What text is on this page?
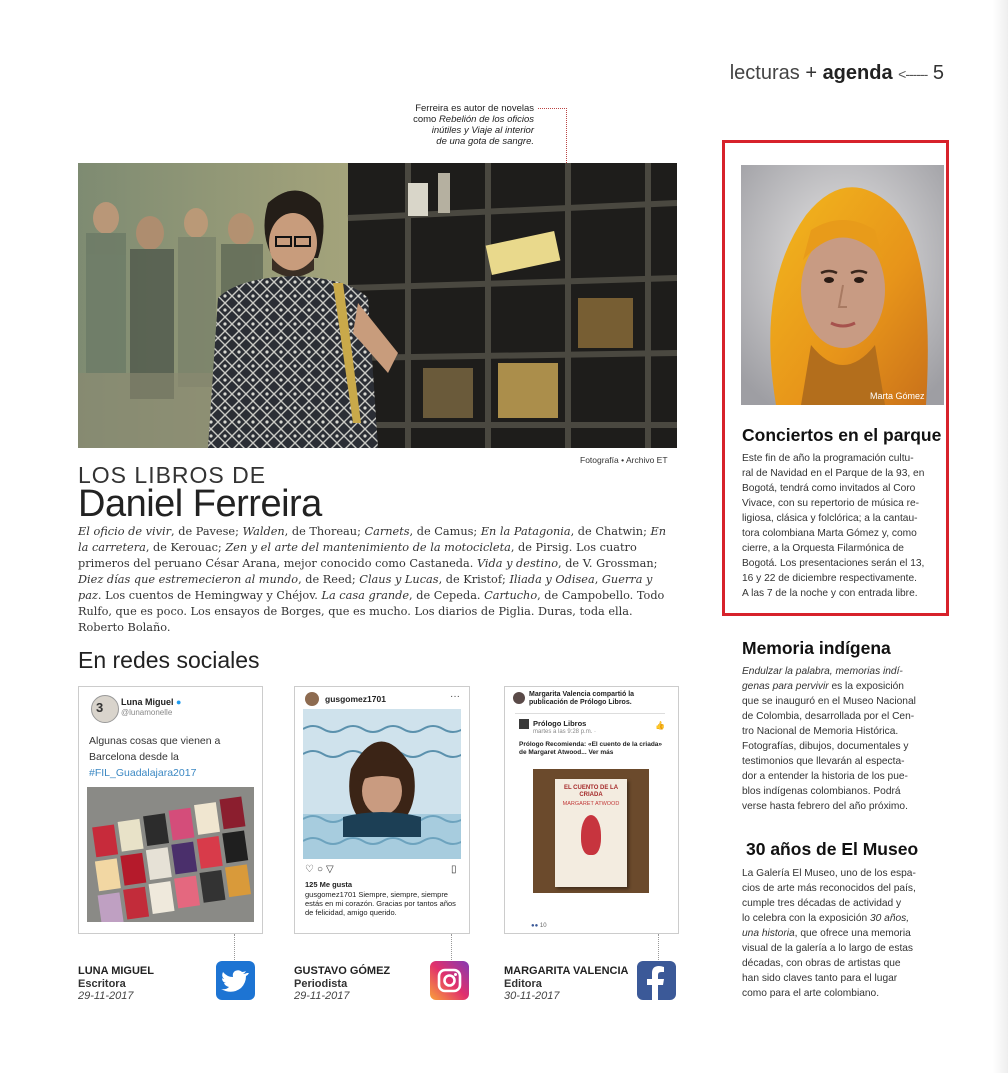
lecturas + agenda <------ 5
Ferreira es autor de novelas
como Rebelión de los oficios
inútiles y Viaje al interior
de una gota de sangre.
Fotografía • Archivo ET
LOS LIBROS DE
Daniel Ferreira
El oficio de vivir, de Pavese; Walden, de Thoreau; Carnets, de Camus; En la Patagonia, de Chatwin; En la carretera, de Kerouac; Zen y el arte del mantenimiento de la motocicleta, de Pirsig. Los cuatro primeros del peruano César Arana, mejor conocido como Castaneda. Vida y destino, de V. Grossman; Diez días que estremecieron al mundo, de Reed; Claus y Lucas, de Kristof; Iliada y Odisea, Guerra y paz. Los cuentos de Hemingway y Chéjov. La casa grande, de Cepeda. Cartucho, de Campobello. Todo Rulfo, que es poco. Los ensayos de Borges, que es mucho. Los diarios de Piglia. Duras, toda ella. Roberto Bolaño.
En redes sociales
3 Luna Miguel ●
@lunamonelle
Algunas cosas que vienen a
Barcelona desde la
#FIL_Guadalajara2017
gusgomez1701	···
♡○▽	▯
125 Me gusta
gusgomez1701 Siempre, siempre, siempre estás en mi corazón. Gracias por tantos años de felicidad, amigo querido.
Margarita Valencia compartió la publicación de Prólogo Libros.
Prólogo Libros
martes a las 9:28 p.m. ·
👍
Prólogo Recomienda: «El cuento de la criada» de Margaret Atwood... Ver más
EL CUENTO DE LA CRIADA
MARGARET ATWOOD
●● 10
LUNA MIGUEL
Escritora
29-11-2017
GUSTAVO GÓMEZ
Periodista
29-11-2017
MARGARITA VALENCIA
Editora
30-11-2017
Marta Gómez
Conciertos en el parque
Este fin de año la programación cultu-
ral de Navidad en el Parque de la 93, en
Bogotá, tendrá como invitados al Coro
Vivace, con su repertorio de música re-
ligiosa, clásica y folclórica; a la cantau-
tora colombiana Marta Gómez y, como
cierre, a la Orquesta Filarmónica de
Bogotá. Los presentaciones serán el 13,
16 y 22 de diciembre respectivamente.
A las 7 de la noche y con entrada libre.
Memoria indígena
Endulzar la palabra, memorias indí-
genas para pervivir es la exposición
que se inauguró en el Museo Nacional
de Colombia, desarrollada por el Cen-
tro Nacional de Memoria Histórica.
Fotografías, dibujos, documentales y
testimonios que llevarán al especta-
dor a entender la historia de los pue-
blos indígenas colombianos. Podrá
verse hasta febrero del año próximo.
30 años de El Museo
La Galería El Museo, uno de los espa-
cios de arte más reconocidos del país,
cumple tres décadas de actividad y
lo celebra con la exposición 30 años,
una historia, que ofrece una memoria
visual de la galería a lo largo de estas
décadas, con obras de artistas que
han sido claves tanto para el lugar
como para el arte colombiano.
